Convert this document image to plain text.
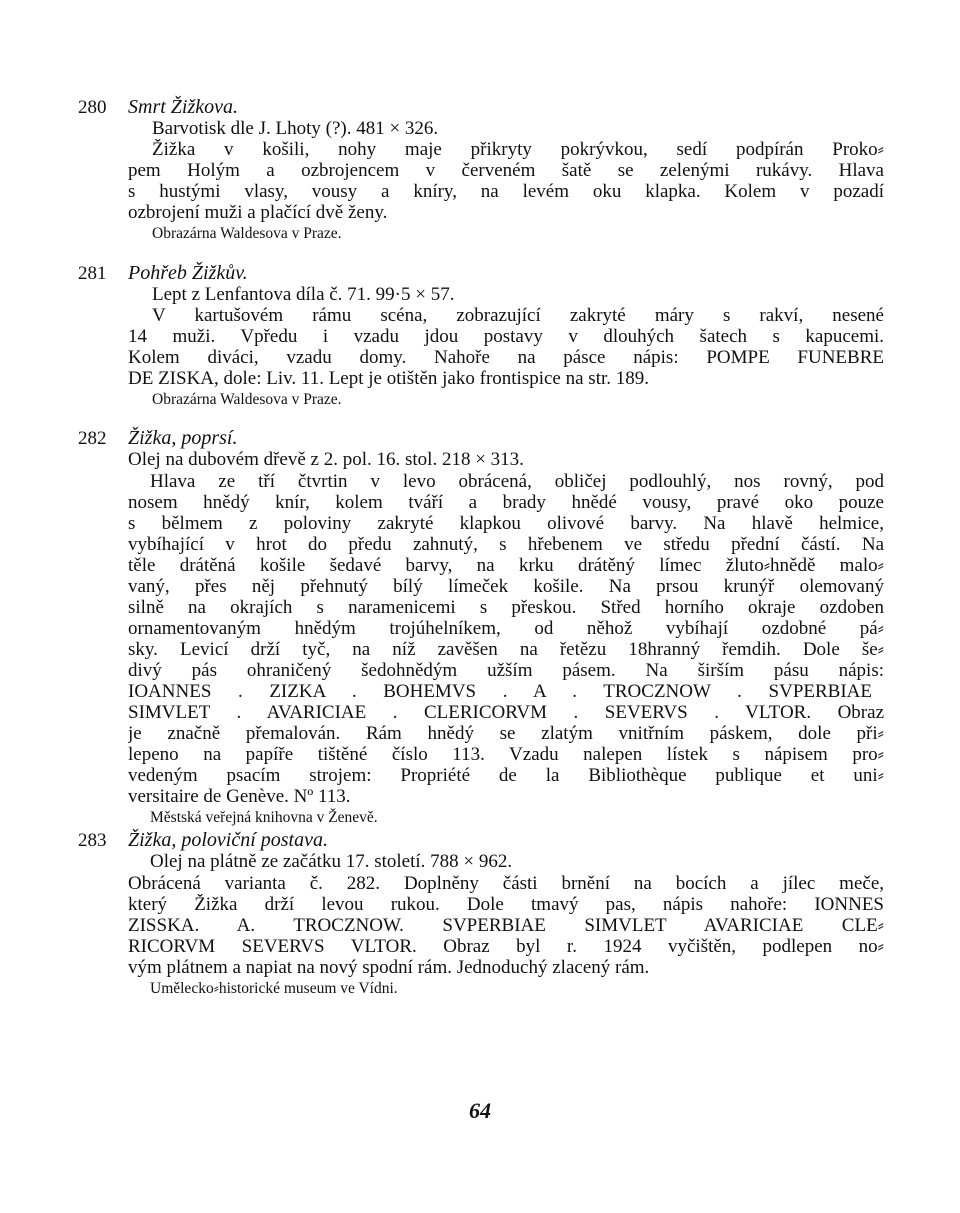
280 Smrt Žižkova.
Barvotisk dle J. Lhoty (?). 481 × 326.
Žižka v košili, nohy maje přikryty pokrývkou, sedí podpírán Proko⸗
pem Holým a ozbrojencem v červeném šatě se zelenými rukávy. Hlava
s hustými vlasy, vousy a kníry, na levém oku klapka. Kolem v pozadí
ozbrojení muži a plačící dvě ženy.
Obrazárna Waldesova v Praze.
281 Pohřeb Žižkův.
Lept z Lenfantova díla č. 71. 99·5 × 57.
V kartušovém rámu scéna, zobrazující zakryté máry s rakví, nesené
14 muži. Vpředu i vzadu jdou postavy v dlouhých šatech s kapucemi.
Kolem diváci, vzadu domy. Nahoře na pásce nápis: POMPE FUNEBRE
DE ZISKA, dole: Liv. 11. Lept je otištěn jako frontispice na str. 189.
Obrazárna Waldesova v Praze.
282 Žižka, poprsí.
Olej na dubovém dřevě z 2. pol. 16. stol. 218 × 313.
Hlava ze tří čtvrtin v levo obrácená, obličej podlouhlý, nos rovný, pod
nosem hnědý knír, kolem tváří a brady hnědé vousy, pravé oko pouze
s bělmem z poloviny zakryté klapkou olivové barvy. Na hlavě helmice,
vybíhající v hrot do předu zahnutý, s hřebenem ve středu přední částí. Na
těle drátěná košile šedavé barvy, na krku drátěný límec žluto⸗hnědě malo⸗
vaný, přes něj přehnutý bílý límeček košile. Na prsou krunýř olemovaný
silně na okrajích s naramenicemi s přeskou. Střed horního okraje ozdoben
ornamentovaným hnědým trojúhelníkem, od něhož vybíhají ozdobné pá⸗
sky. Levicí drží tyč, na níž zavěšen na řetězu 18hranný řemdih. Dole še⸗
divý pás ohraničený šedohnědým užším pásem. Na širším pásu nápis:
IOANNES . ZIZKA . BOHEMVS . A . TROCZNOW . SVPERBIAE
SIMVLET . AVARICIAE . CLERICORVM . SEVERVS . VLTOR. Obraz
je značně přemalován. Rám hnědý se zlatým vnitřním páskem, dole při⸗
lepeno na papíře tištěné číslo 113. Vzadu nalepen lístek s nápisem pro⸗
vedeným psacím strojem: Propriété de la Bibliothèque publique et uni⸗
versitaire de Genève. Nº 113.
Městská veřejná knihovna v Ženevě.
283 Žižka, poloviční postava.
Olej na plátně ze začátku 17. století. 788 × 962.
Obrácená varianta č. 282. Doplněny části brnění na bocích a jílec meče,
který Žižka drží levou rukou. Dole tmavý pas, nápis nahoře: IONNES
ZISSKA. A. TROCZNOW. SVPERBIAE SIMVLET AVARICIAE CLE⸗
RICORVM SEVERVS VLTOR. Obraz byl r. 1924 vyčištěn, podlepen no⸗
vým plátnem a napiat na nový spodní rám. Jednoduchý zlacený rám.
Umělecko⸗historické museum ve Vídni.
64
